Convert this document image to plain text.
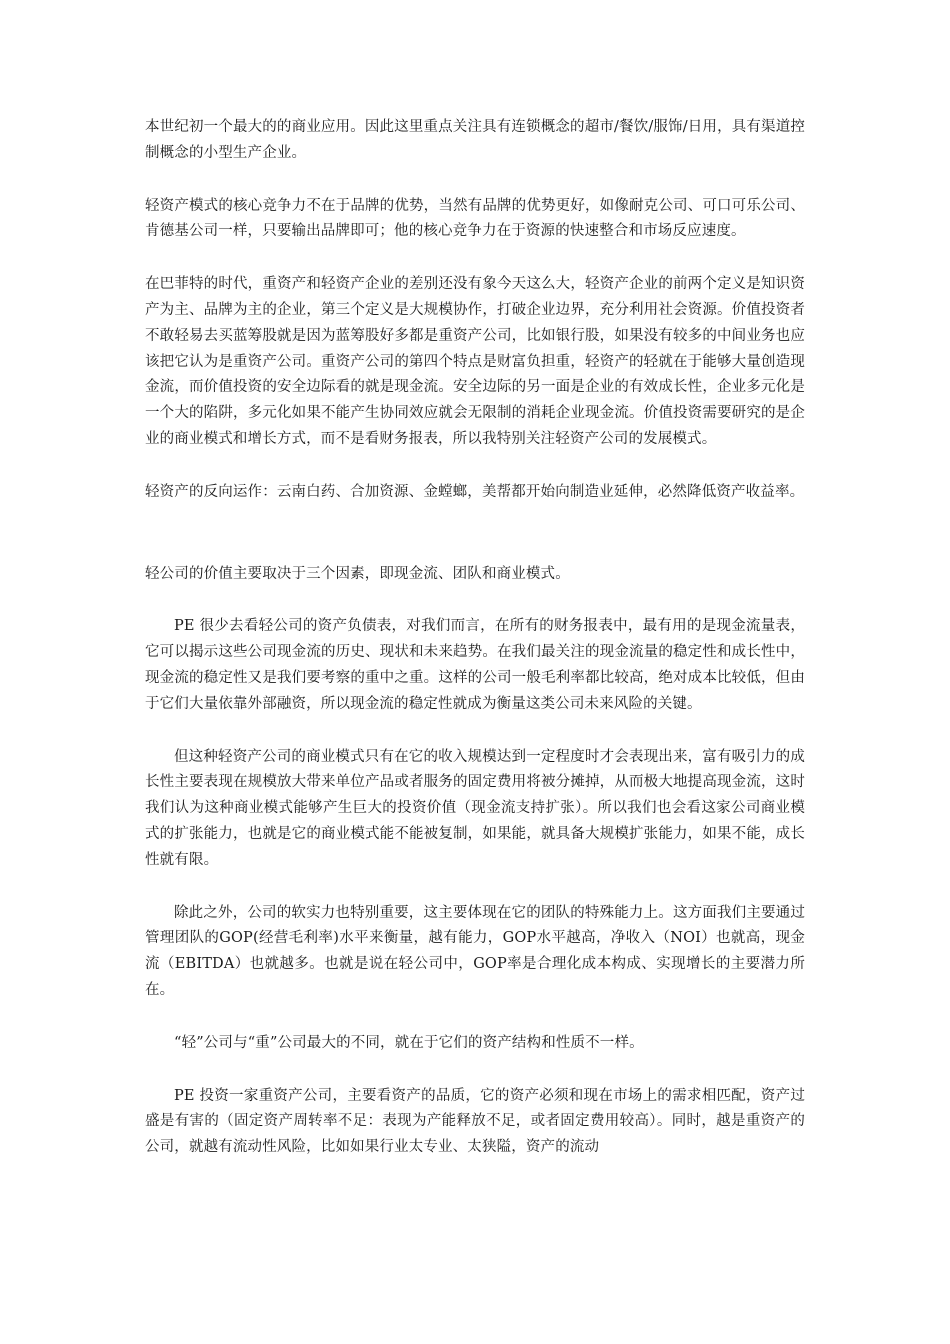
本世纪初一个最大的的商业应用。因此这里重点关注具有连锁概念的超市/餐饮/服饰/日用，具有渠道控制概念的小型生产企业。

轻资产模式的核心竞争力不在于品牌的优势，当然有品牌的优势更好，如像耐克公司、可口可乐公司、肯德基公司一样，只要输出品牌即可；他的核心竞争力在于资源的快速整合和市场反应速度。

在巴菲特的时代，重资产和轻资产企业的差别还没有象今天这么大，轻资产企业的前两个定义是知识资产为主、品牌为主的企业，第三个定义是大规模协作，打破企业边界，充分利用社会资源。价值投资者不敢轻易去买蓝筹股就是因为蓝筹股好多都是重资产公司，比如银行股，如果没有较多的中间业务也应该把它认为是重资产公司。重资产公司的第四个特点是财富负担重，轻资产的轻就在于能够大量创造现金流，而价值投资的安全边际看的就是现金流。安全边际的另一面是企业的有效成长性，企业多元化是一个大的陷阱，多元化如果不能产生协同效应就会无限制的消耗企业现金流。价值投资需要研究的是企业的商业模式和增长方式，而不是看财务报表，所以我特别关注轻资产公司的发展模式。

轻资产的反向运作：云南白药、合加资源、金螳螂，美帮都开始向制造业延伸，必然降低资产收益率。

轻公司的价值主要取决于三个因素，即现金流、团队和商业模式。

PE 很少去看轻公司的资产负债表，对我们而言，在所有的财务报表中，最有用的是现金流量表，它可以揭示这些公司现金流的历史、现状和未来趋势。在我们最关注的现金流量的稳定性和成长性中，现金流的稳定性又是我们要考察的重中之重。这样的公司一般毛利率都比较高，绝对成本比较低，但由于它们大量依靠外部融资，所以现金流的稳定性就成为衡量这类公司未来风险的关键。

但这种轻资产公司的商业模式只有在它的收入规模达到一定程度时才会表现出来，富有吸引力的成长性主要表现在规模放大带来单位产品或者服务的固定费用将被分摊掉，从而极大地提高现金流，这时我们认为这种商业模式能够产生巨大的投资价值（现金流支持扩张）。所以我们也会看这家公司商业模式的扩张能力，也就是它的商业模式能不能被复制，如果能，就具备大规模扩张能力，如果不能，成长性就有限。

除此之外，公司的软实力也特别重要，这主要体现在它的团队的特殊能力上。这方面我们主要通过管理团队的GOP(经营毛利率)水平来衡量，越有能力，GOP水平越高，净收入（NOI）也就高，现金流（EBITDA）也就越多。也就是说在轻公司中，GOP率是合理化成本构成、实现增长的主要潜力所在。

“轻”公司与“重”公司最大的不同，就在于它们的资产结构和性质不一样。

PE 投资一家重资产公司，主要看资产的品质，它的资产必须和现在市场上的需求相匹配，资产过盛是有害的（固定资产周转率不足：表现为产能释放不足，或者固定费用较高）。同时，越是重资产的公司，就越有流动性风险，比如如果行业太专业、太狭隘，资产的流动
